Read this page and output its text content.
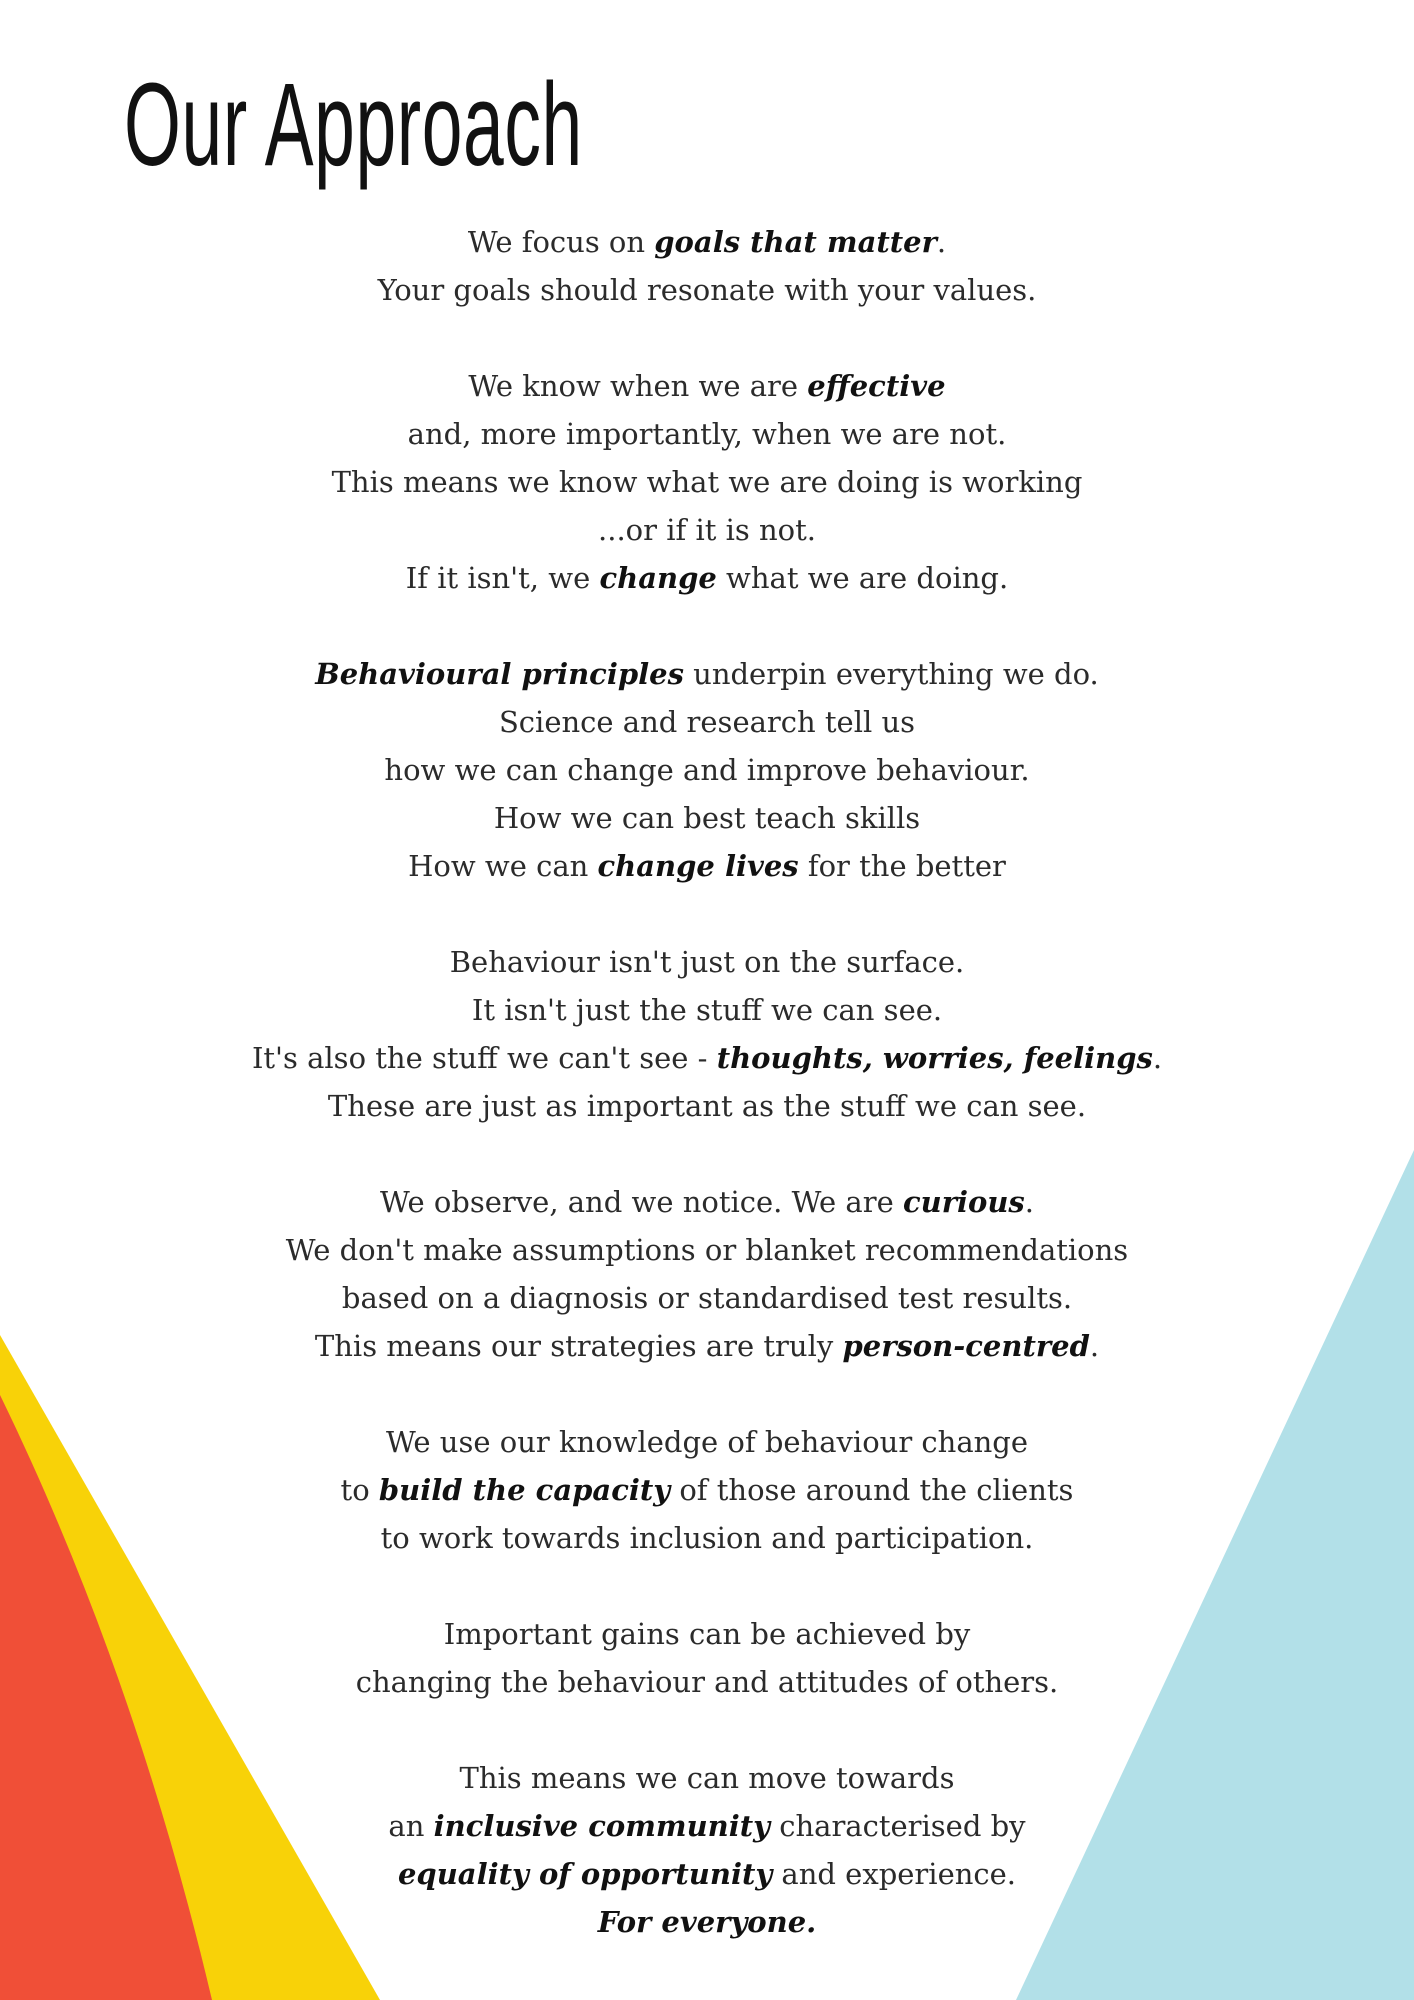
Our Approach
We focus on goals that matter.
Your goals should resonate with your values.
We know when we are effective
and, more importantly, when we are not.
This means we know what we are doing is working
...or if it is not.
If it isn't, we change what we are doing.
Behavioural principles underpin everything we do.
Science and research tell us
how we can change and improve behaviour.
How we can best teach skills
How we can change lives for the better
Behaviour isn't just on the surface.
It isn't just the stuff we can see.
It's also the stuff we can't see - thoughts, worries, feelings.
These are just as important as the stuff we can see.
We observe, and we notice. We are curious.
We don't make assumptions or blanket recommendations
based on a diagnosis or standardised test results.
This means our strategies are truly person-centred.
We use our knowledge of behaviour change
to build the capacity of those around the clients
to work towards inclusion and participation.
Important gains can be achieved by
changing the behaviour and attitudes of others.
This means we can move towards
an inclusive community characterised by
equality of opportunity and experience.
For everyone.
